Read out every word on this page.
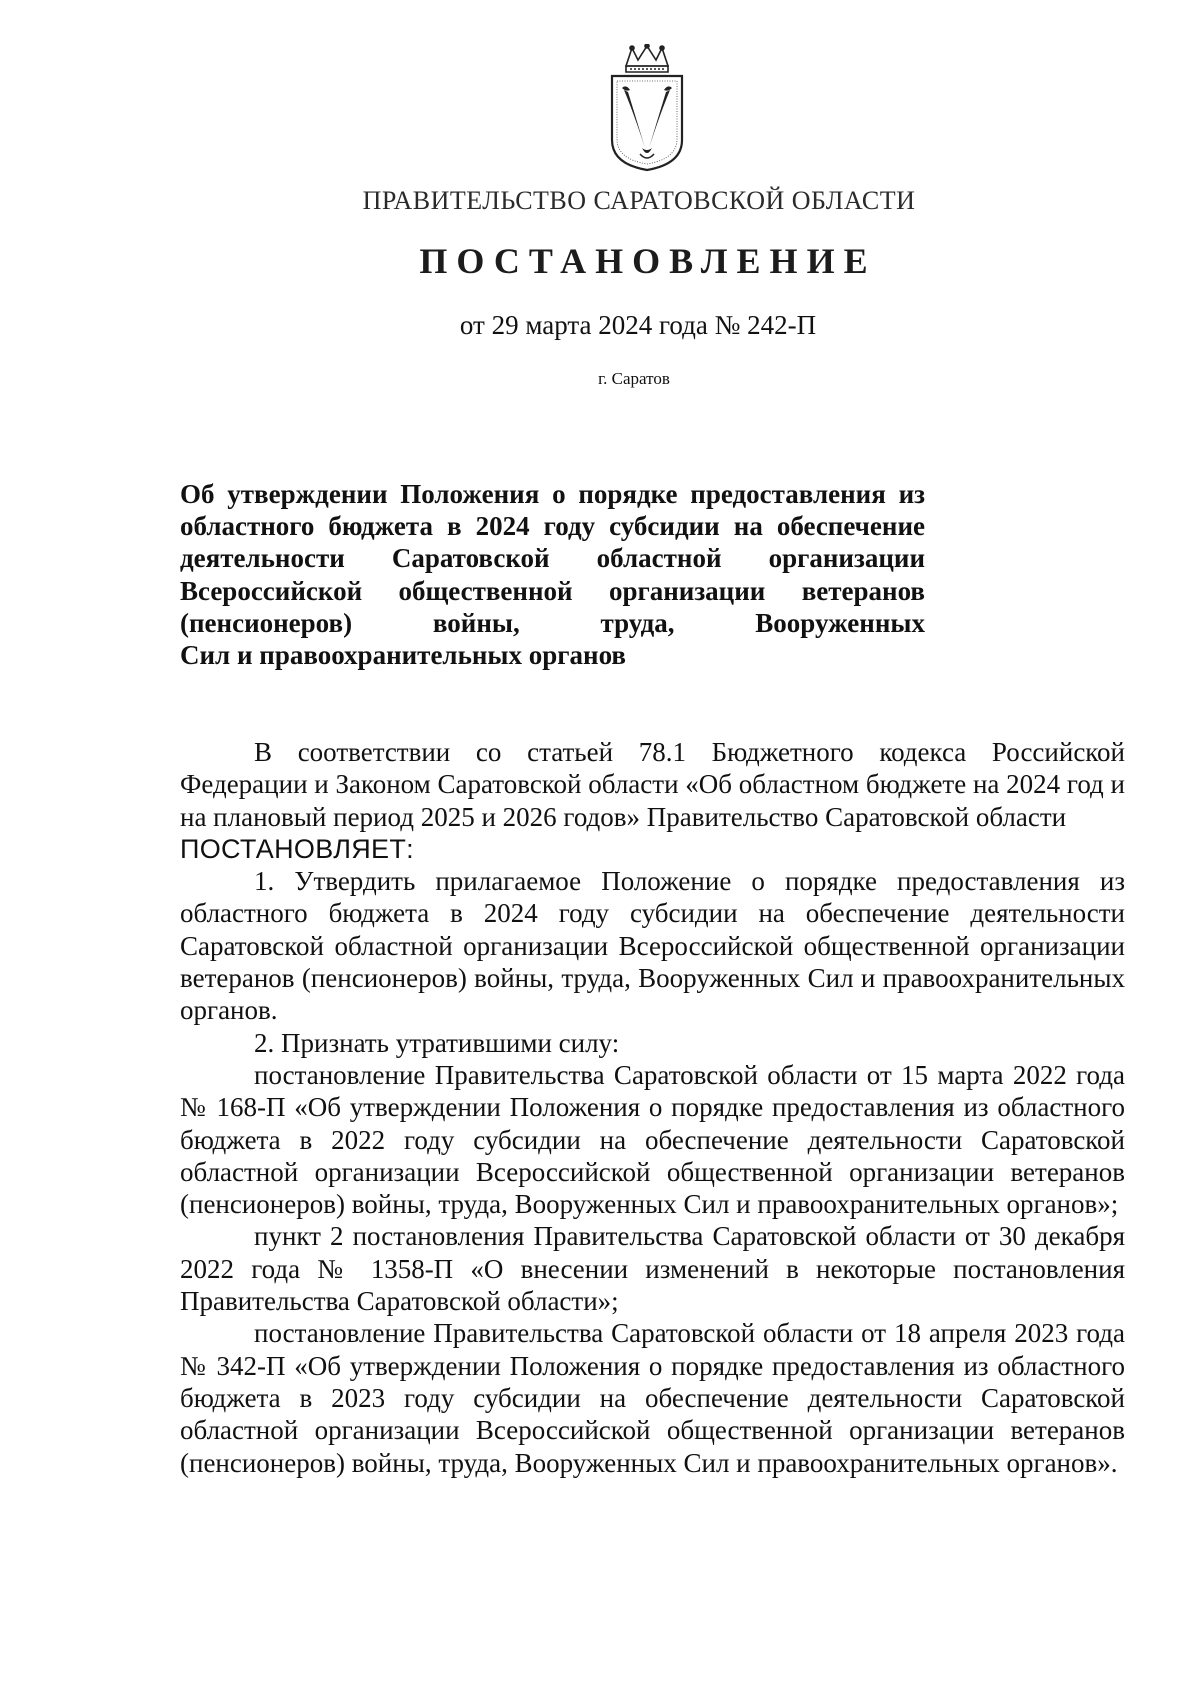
ПРАВИТЕЛЬСТВО САРАТОВСКОЙ ОБЛАСТИ
ПОСТАНОВЛЕНИЕ
от 29 марта 2024 года № 242-П
г. Саратов
Об утверждении Положения о порядке предоставления из областного бюджета в 2024 году субсидии на обеспечение деятельности Саратовской областной организации Всероссийской общественной организации ветеранов (пенсионеров) войны, труда, Вооруженных
Сил и правоохранительных органов

В соответствии со статьей 78.1 Бюджетного кодекса Российской Федерации и Законом Саратовской области «Об областном бюджете на 2024 год и на плановый период 2025 и 2026 годов» Правительство Саратовской области

ПОСТАНОВЛЯЕТ:

1. Утвердить прилагаемое Положение о порядке предоставления из областного бюджета в 2024 году субсидии на обеспечение деятельности Саратовской областной организации Всероссийской общественной организации ветеранов (пенсионеров) войны, труда, Вооруженных Сил и правоохранительных органов.

2. Признать утратившими силу:

постановление Правительства Саратовской области от 15 марта 2022 года № 168-П «Об утверждении Положения о порядке предоставления из областного бюджета в 2022 году субсидии на обеспечение деятельности Саратовской областной организации Всероссийской общественной организации ветеранов (пенсионеров) войны, труда, Вооруженных Сил и правоохранительных органов»;

пункт 2 постановления Правительства Саратовской области от 30 декабря 2022 года № 1358-П «О внесении изменений в некоторые постановления Правительства Саратовской области»;

постановление Правительства Саратовской области от 18 апреля 2023 года № 342-П «Об утверждении Положения о порядке предоставления из областного бюджета в 2023 году субсидии на обеспечение деятельности Саратовской областной организации Всероссийской общественной организации ветеранов (пенсионеров) войны, труда, Вооруженных Сил и правоохранительных органов».
